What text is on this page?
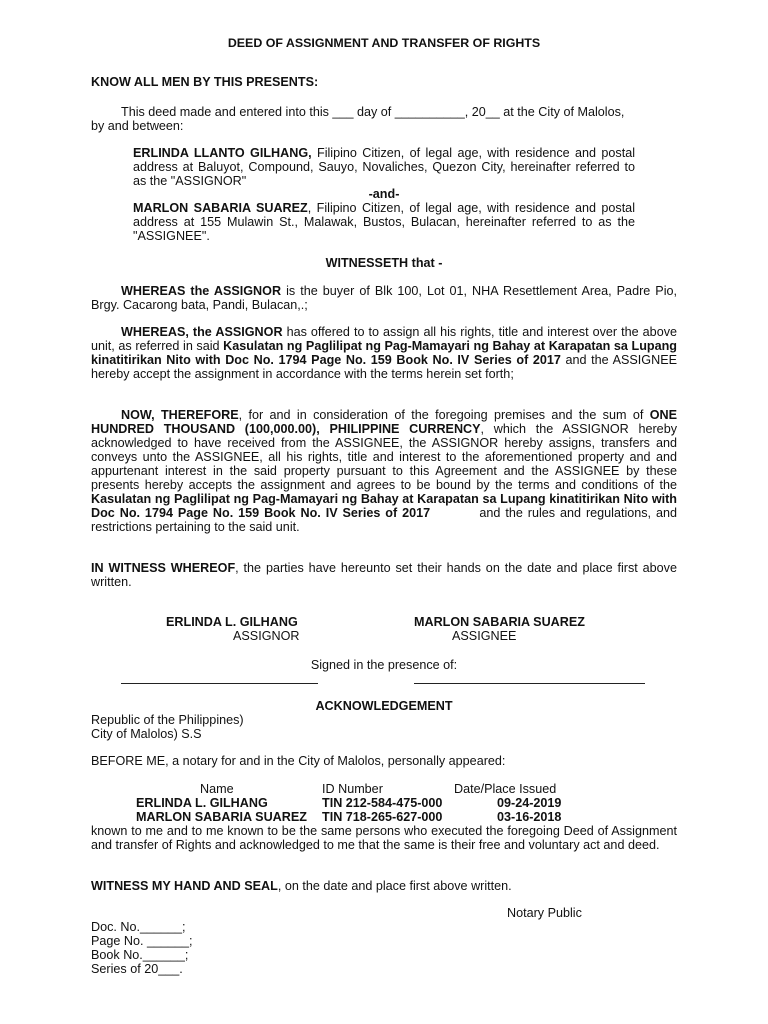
DEED OF ASSIGNMENT AND TRANSFER OF RIGHTS
KNOW ALL MEN BY THIS PRESENTS:
This deed made and entered into this ___ day of __________, 20__ at the City of Malolos,
by and between:
ERLINDA LLANTO GILHANG, Filipino Citizen, of legal age, with residence and postal address at Baluyot, Compound, Sauyo, Novaliches, Quezon City, hereinafter referred to as the "ASSIGNOR"
-and-
MARLON SABARIA SUAREZ, Filipino Citizen, of legal age, with residence and postal address at 155 Mulawin St., Malawak, Bustos, Bulacan, hereinafter referred to as the "ASSIGNEE".
WITNESSETH that -
WHEREAS the ASSIGNOR is the buyer of Blk 100, Lot 01, NHA Resettlement Area, Padre Pio, Brgy. Cacarong bata, Pandi, Bulacan,.;
WHEREAS, the ASSIGNOR has offered to to assign all his rights, title and interest over the above unit, as referred in said Kasulatan ng Paglilipat ng Pag-Mamayari ng Bahay at Karapatan sa Lupang kinatitirikan Nito with Doc No. 1794 Page No. 159 Book No. IV Series of 2017 and the ASSIGNEE hereby accept the assignment in accordance with the terms herein set forth;
NOW, THEREFORE, for and in consideration of the foregoing premises and the sum of ONE HUNDRED THOUSAND (100,000.00), PHILIPPINE CURRENCY, which the ASSIGNOR hereby acknowledged to have received from the ASSIGNEE, the ASSIGNOR hereby assigns, transfers and conveys unto the ASSIGNEE, all his rights, title and interest to the aforementioned property and and appurtenant interest in the said property pursuant to this Agreement and the ASSIGNEE by these presents hereby accepts the assignment and agrees to be bound by the terms and conditions of the Kasulatan ng Paglilipat ng Pag-Mamayari ng Bahay at Karapatan sa Lupang kinatitirikan Nito with Doc No. 1794 Page No. 159 Book No. IV Series of 2017          and the rules and regulations, and restrictions pertaining to the said unit.
IN WITNESS WHEREOF, the parties have hereunto set their hands on the date and place first above written.
ERLINDA L. GILHANG
ASSIGNOR
MARLON SABARIA SUAREZ
ASSIGNEE
Signed in the presence of:
ACKNOWLEDGEMENT
Republic of the Philippines)
City of Malolos) S.S
BEFORE ME, a notary for and in the City of Malolos, personally appeared:
Name	ID Number	Date/Place Issued
ERLINDA L. GILHANG	TIN 212-584-475-000	09-24-2019
MARLON SABARIA SUAREZ TIN 718-265-627-000	03-16-2018
known to me and to me known to be the same persons who executed the foregoing Deed of Assignment and transfer of Rights and acknowledged to me that the same is their free and voluntary act and deed.
WITNESS MY HAND AND SEAL, on the date and place first above written.
Notary Public
Doc. No.______;
Page No. ______;
Book No.______;
Series of 20___.
